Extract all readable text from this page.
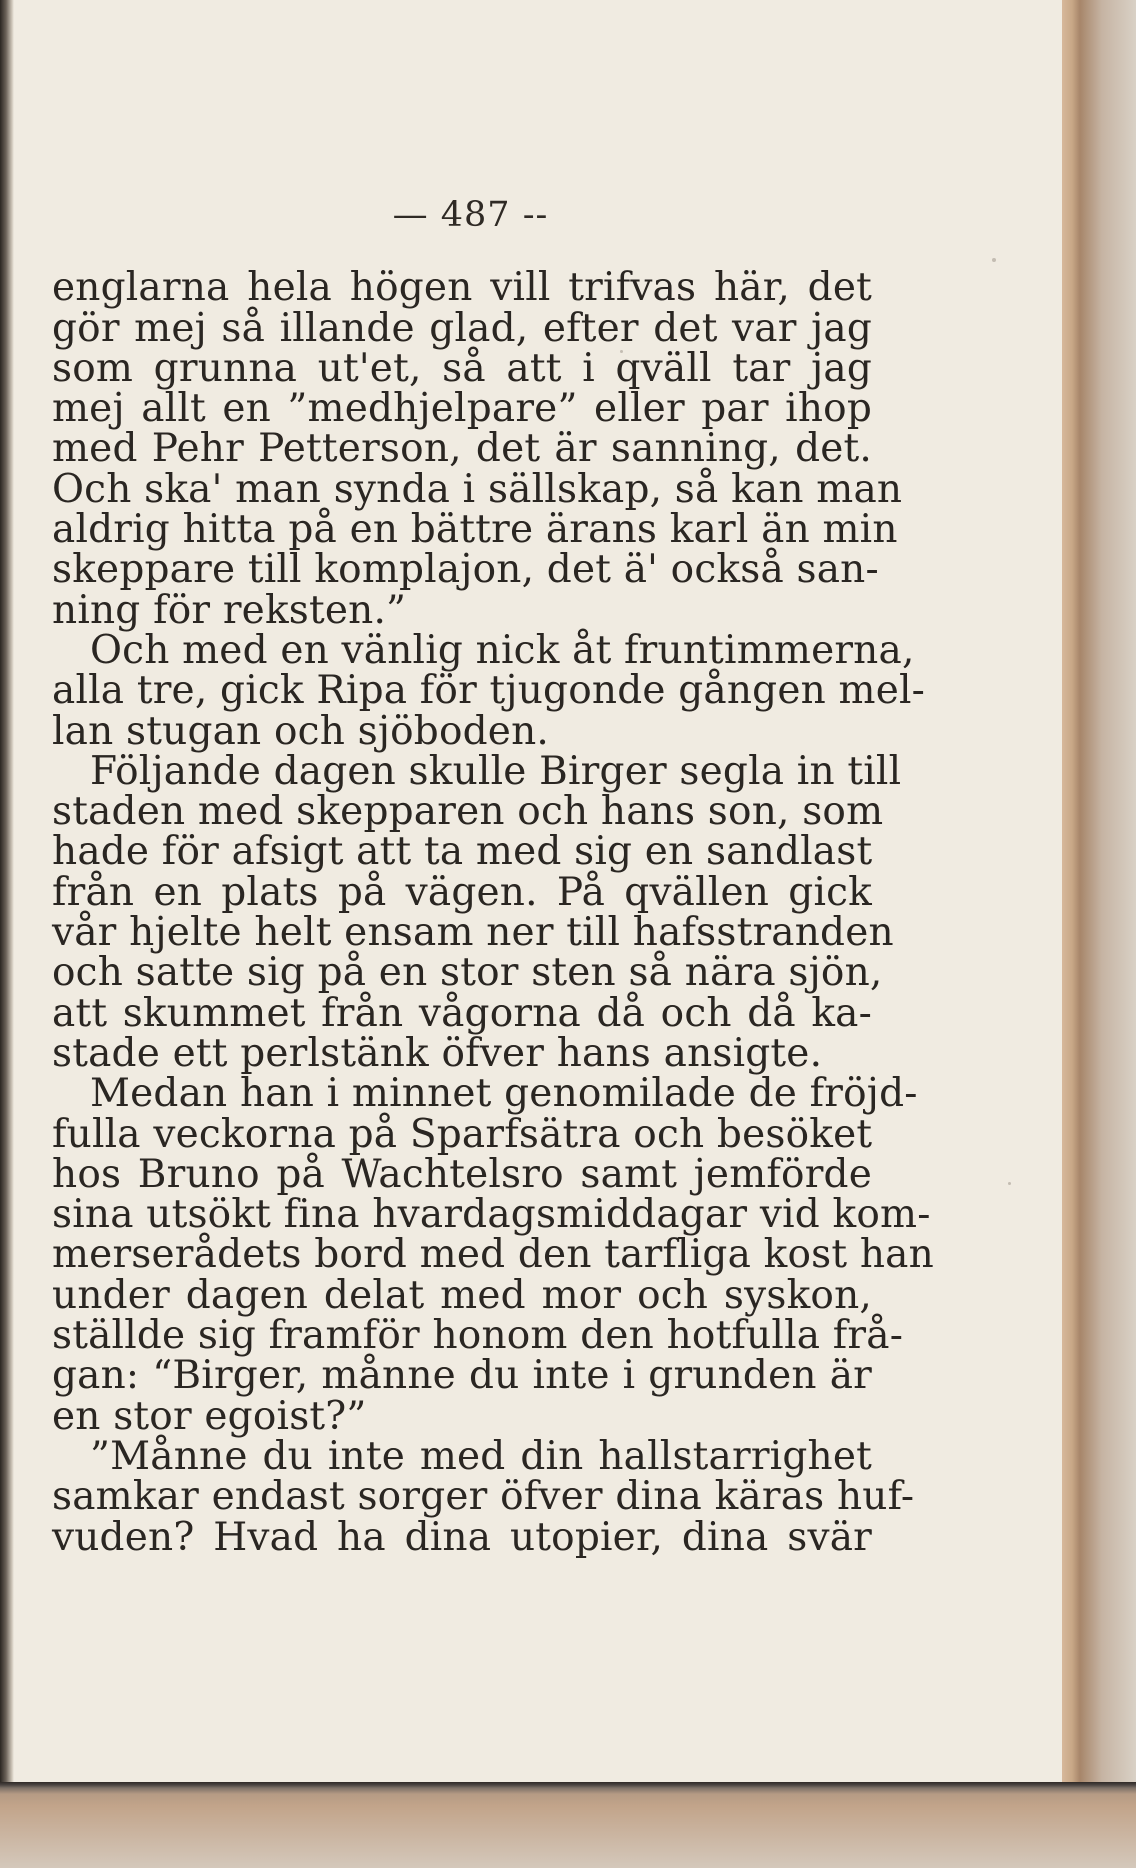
— 487 --
englarna hela högen vill trifvas här, det
gör mej så illande glad, efter det var jag
som grunna ut'et, så att i qväll tar jag
mej allt en ”medhjelpare” eller par ihop
med Pehr Petterson, det är sanning, det.
Och ska' man synda i sällskap, så kan man
aldrig hitta på en bättre ärans karl än min
skeppare till komplajon, det ä' också san-
ning för reksten.”
Och med en vänlig nick åt fruntimmerna,
alla tre, gick Ripa för tjugonde gången mel-
lan stugan och sjöboden.
Följande dagen skulle Birger segla in till
staden med skepparen och hans son, som
hade för afsigt att ta med sig en sandlast
från en plats på vägen. På qvällen gick
vår hjelte helt ensam ner till hafsstranden
och satte sig på en stor sten så nära sjön,
att skummet från vågorna då och då ka-
stade ett perlstänk öfver hans ansigte.
Medan han i minnet genomilade de fröjd-
fulla veckorna på Sparfsätra och besöket
hos Bruno på Wachtelsro samt jemförde
sina utsökt fina hvardagsmiddagar vid kom-
merserådets bord med den tarfliga kost han
under dagen delat med mor och syskon,
ställde sig framför honom den hotfulla frå-
gan: “Birger, månne du inte i grunden är
en stor egoist?”
”Månne du inte med din hallstarrighet
samkar endast sorger öfver dina käras huf-
vuden? Hvad ha dina utopier, dina svär
